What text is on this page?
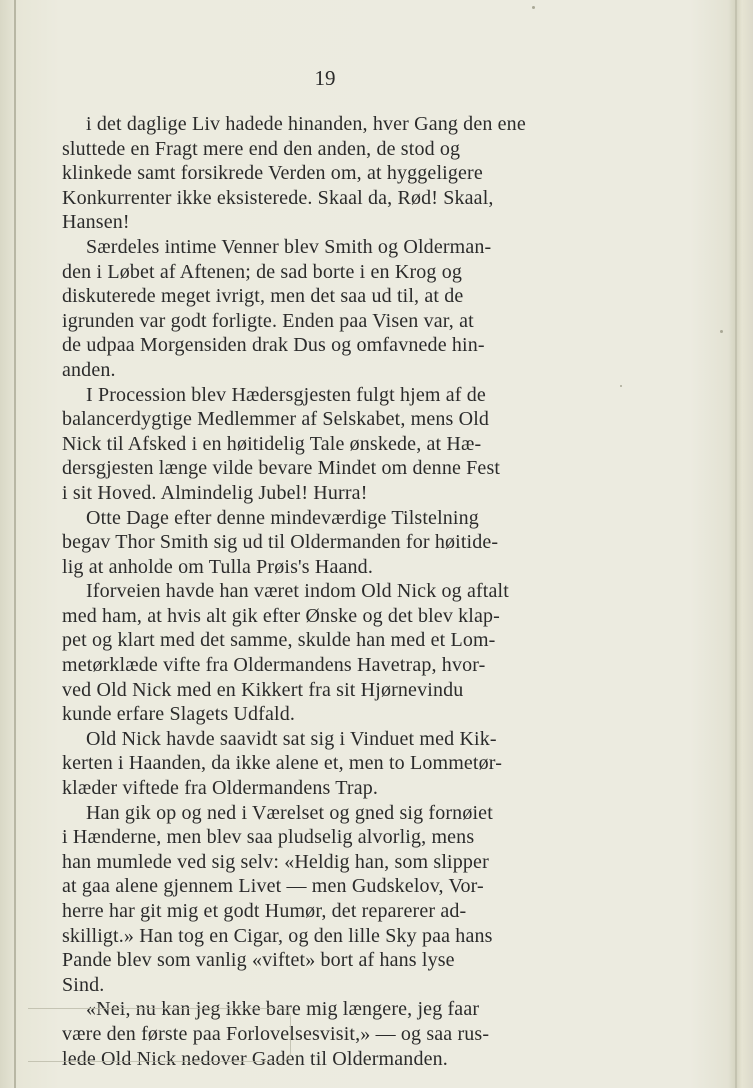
19

i det daglige Liv hadede hinanden, hver Gang den ene

sluttede en Fragt mere end den anden, de stod og

klinkede samt forsikrede Verden om, at hyggeligere

Konkurrenter ikke eksisterede. Skaal da, Rød! Skaal,

Hansen!

Særdeles intime Venner blev Smith og Olderman-

den i Løbet af Aftenen; de sad borte i en Krog og

diskuterede meget ivrigt, men det saa ud til, at de

igrunden var godt forligte. Enden paa Visen var, at

de udpaa Morgensiden drak Dus og omfavnede hin-

anden.

I Procession blev Hædersgjesten fulgt hjem af de

balancerdygtige Medlemmer af Selskabet, mens Old

Nick til Afsked i en høitidelig Tale ønskede, at Hæ-

dersgjesten længe vilde bevare Mindet om denne Fest

i sit Hoved. Almindelig Jubel! Hurra!

Otte Dage efter denne mindeværdige Tilstelning

begav Thor Smith sig ud til Oldermanden for høitide-

lig at anholde om Tulla Prøis's Haand.

Iforveien havde han været indom Old Nick og aftalt

med ham, at hvis alt gik efter Ønske og det blev klap-

pet og klart med det samme, skulde han med et Lom-

metørklæde vifte fra Oldermandens Havetrap, hvor-

ved Old Nick med en Kikkert fra sit Hjørnevindu

kunde erfare Slagets Udfald.

Old Nick havde saavidt sat sig i Vinduet med Kik-

kerten i Haanden, da ikke alene et, men to Lommetør-

klæder viftede fra Oldermandens Trap.

Han gik op og ned i Værelset og gned sig fornøiet

i Hænderne, men blev saa pludselig alvorlig, mens

han mumlede ved sig selv: «Heldig han, som slipper

at gaa alene gjennem Livet — men Gudskelov, Vor-

herre har git mig et godt Humør, det reparerer ad-

skilligt.» Han tog en Cigar, og den lille Sky paa hans

Pande blev som vanlig «viftet» bort af hans lyse

Sind.

«Nei, nu kan jeg ikke bare mig længere, jeg faar

være den første paa Forlovelsesvisit,» — og saa rus-

lede Old Nick nedover Gaden til Oldermanden.
